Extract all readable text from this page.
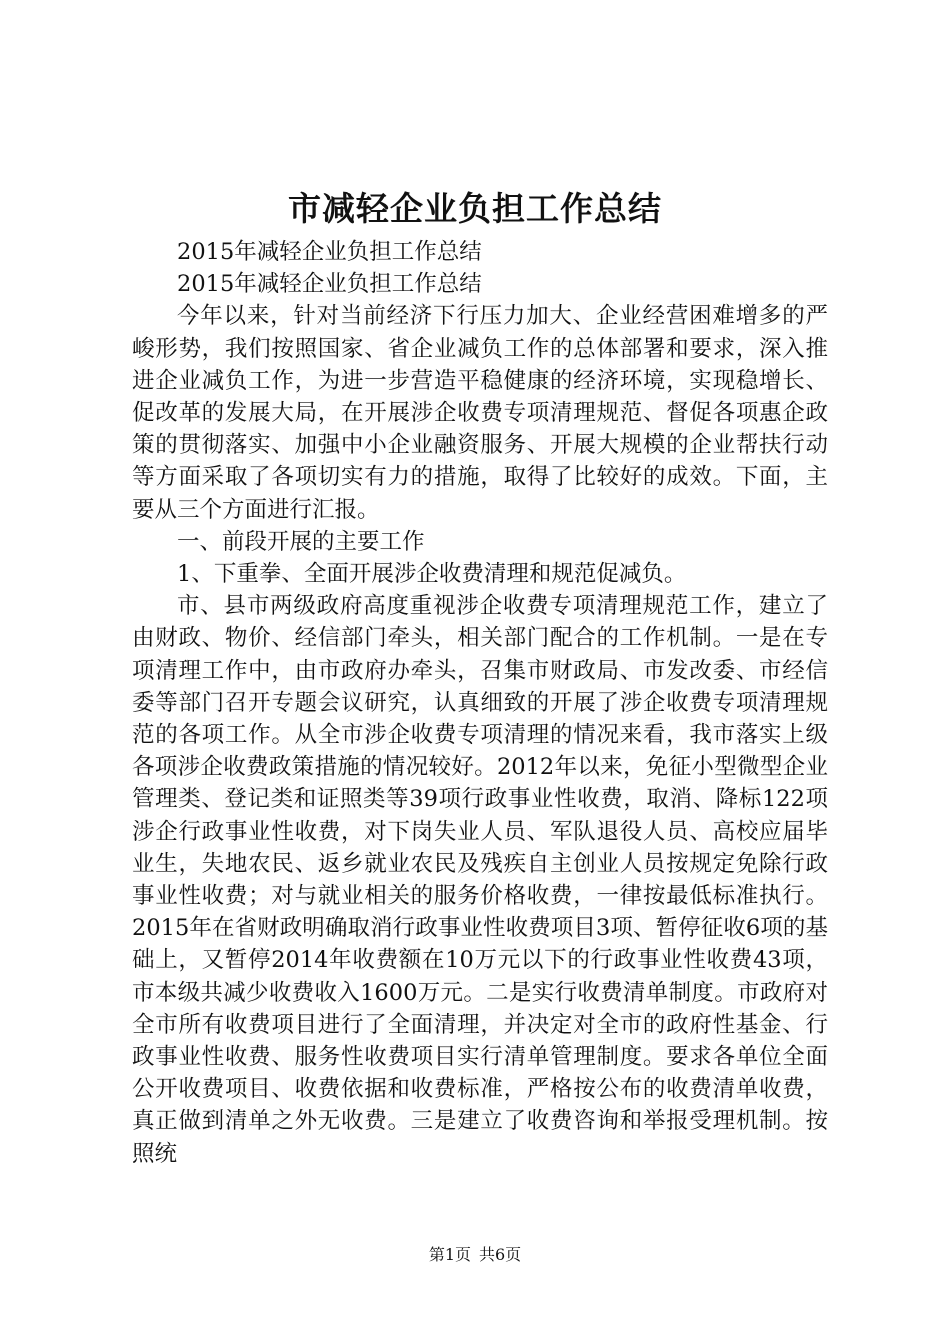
市减轻企业负担工作总结

2015年减轻企业负担工作总结

2015年减轻企业负担工作总结

今年以来，针对当前经济下行压力加大、企业经营困难增多的严峻形势，我们按照国家、省企业减负工作的总体部署和要求，深入推进企业减负工作，为进一步营造平稳健康的经济环境，实现稳增长、促改革的发展大局，在开展涉企收费专项清理规范、督促各项惠企政策的贯彻落实、加强中小企业融资服务、开展大规模的企业帮扶行动等方面采取了各项切实有力的措施，取得了比较好的成效。下面，主要从三个方面进行汇报。

一、前段开展的主要工作

1、下重拳、全面开展涉企收费清理和规范促减负。

市、县市两级政府高度重视涉企收费专项清理规范工作，建立了由财政、物价、经信部门牵头，相关部门配合的工作机制。一是在专项清理工作中，由市政府办牵头，召集市财政局、市发改委、市经信委等部门召开专题会议研究，认真细致的开展了涉企收费专项清理规范的各项工作。从全市涉企收费专项清理的情况来看，我市落实上级各项涉企收费政策措施的情况较好。2012年以来，免征小型微型企业管理类、登记类和证照类等39项行政事业性收费，取消、降标122项涉企行政事业性收费，对下岗失业人员、军队退役人员、高校应届毕业生，失地农民、返乡就业农民及残疾自主创业人员按规定免除行政事业性收费；对与就业相关的服务价格收费，一律按最低标准执行。2015年在省财政明确取消行政事业性收费项目3项、暂停征收6项的基础上，又暂停2014年收费额在10万元以下的行政事业性收费43项，市本级共减少收费收入1600万元。二是实行收费清单制度。市政府对全市所有收费项目进行了全面清理，并决定对全市的政府性基金、行政事业性收费、服务性收费项目实行清单管理制度。要求各单位全面公开收费项目、收费依据和收费标准，严格按公布的收费清单收费，真正做到清单之外无收费。三是建立了收费咨询和举报受理机制。按照统

第1页 共6页
